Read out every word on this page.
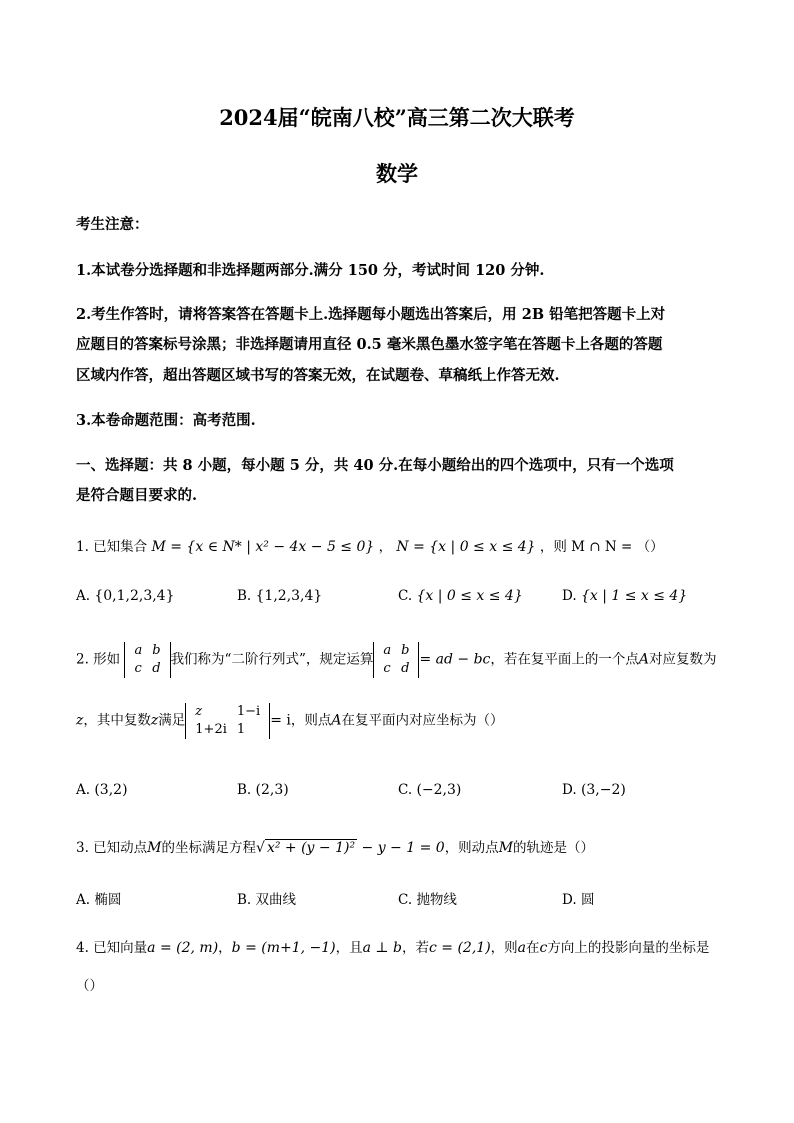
2024届“皖南八校”高三第二次大联考
数学
考生注意：
1.本试卷分选择题和非选择题两部分.满分 150 分，考试时间 120 分钟.
2.考生作答时，请将答案答在答题卡上.选择题每小题选出答案后，用 2B 铅笔把答题卡上对
应题目的答案标号涂黑；非选择题请用直径 0.5 毫米黑色墨水签字笔在答题卡上各题的答题
区域内作答，超出答题区域书写的答案无效，在试题卷、草稿纸上作答无效.
3.本卷命题范围：高考范围.
一、选择题：共 8 小题，每小题 5 分，共 40 分.在每小题给出的四个选项中，只有一个选项
是符合题目要求的.
1. 已知集合 M = {x ∈ N* | x² − 4x − 5 ≤ 0} ， N = {x | 0 ≤ x ≤ 4} ，则 M ∩ N = （）
A. {0,1,2,3,4}	B. {1,2,3,4}	C. {x | 0 ≤ x ≤ 4}	D. {x | 1 ≤ x ≤ 4}
2. 形如
a	b
c	d
我们称为“二阶行列式”，规定运算
a	b
c	d
= ad − bc，若在复平面上的一个点A对应复数为
z，其中复数z满足
z	1−i
1+2i	1
= i，则点A在复平面内对应坐标为（）
A. (3,2)	B. (2,3)	C. (−2,3)	D. (3,−2)
3. 已知动点M的坐标满足方程√ x² + (y − 1)² − y − 1 = 0，则动点M的轨迹是（）
A. 椭圆	B. 双曲线	C. 抛物线	D. 圆
4. 已知向量a = (2, m)，b = (m+1, −1)，且a ⊥ b，若c = (2,1)，则a在c方向上的投影向量的坐标是
（）
